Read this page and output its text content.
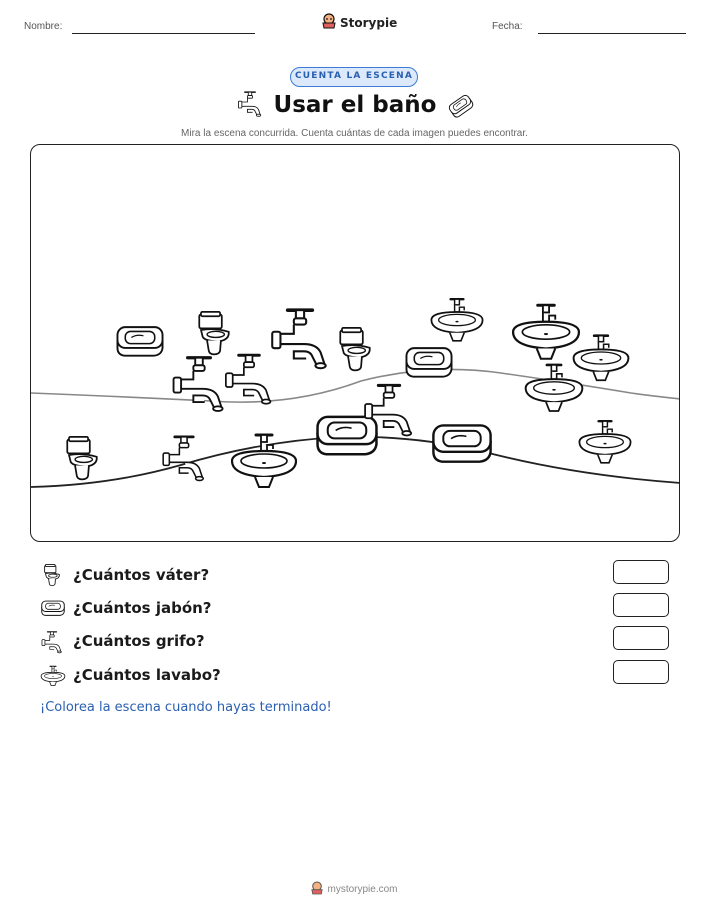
Nombre:	Storypie	Fecha:
CUENTA LA ESCENA
Usar el baño
Mira la escena concurrida. Cuenta cuántas de cada imagen puedes encontrar.
¿Cuántos váter?
¿Cuántos jabón?
¿Cuántos grifo?
¿Cuántos lavabo?
¡Colorea la escena cuando hayas terminado!
mystorypie.com
